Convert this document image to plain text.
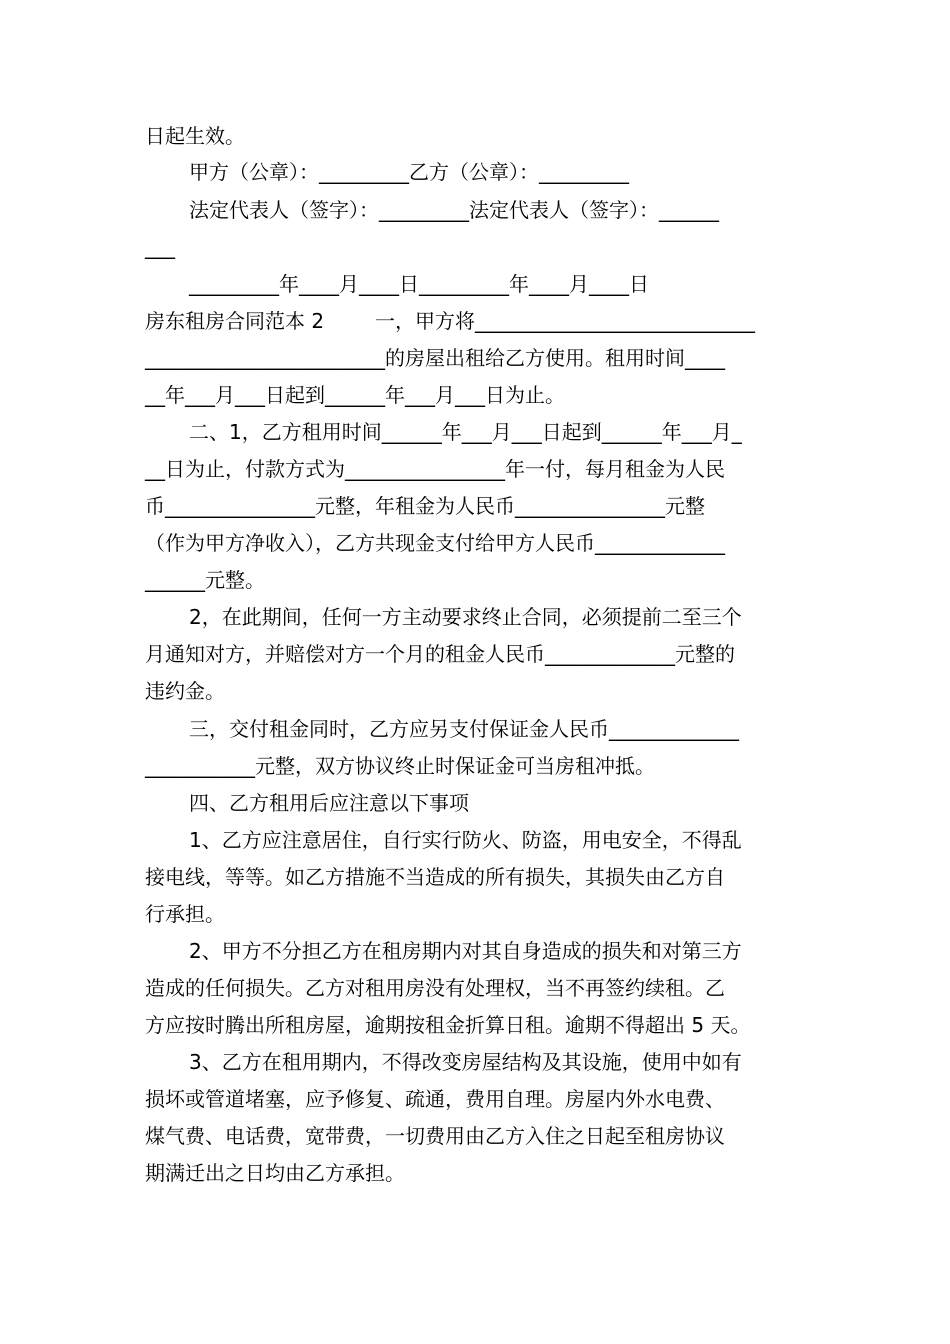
日起生效。
甲方（公章）：_________乙方（公章）：_________
法定代表人（签字）：_________法定代表人（签字）：______
___
_________年____月____日_________年____月____日
房东租房合同范本 2        一，甲方将____________________________
________________________的房屋出租给乙方使用。租用时间____
__年___月___日起到______年___月___日为止。
二、1，乙方租用时间______年___月___日起到______年___月_
__日为止，付款方式为________________年一付，每月租金为人民
币_______________元整，年租金为人民币_______________元整
（作为甲方净收入），乙方共现金支付给甲方人民币_____________
______元整。
2，在此期间，任何一方主动要求终止合同，必须提前二至三个
月通知对方，并赔偿对方一个月的租金人民币_____________元整的
违约金。
三，交付租金同时，乙方应另支付保证金人民币_____________
___________元整，双方协议终止时保证金可当房租冲抵。
四、乙方租用后应注意以下事项
1、乙方应注意居住，自行实行防火、防盗，用电安全，不得乱
接电线，等等。如乙方措施不当造成的所有损失，其损失由乙方自
行承担。
2、甲方不分担乙方在租房期内对其自身造成的损失和对第三方
造成的任何损失。乙方对租用房没有处理权，当不再签约续租。乙
方应按时腾出所租房屋，逾期按租金折算日租。逾期不得超出 5 天。
3、乙方在租用期内，不得改变房屋结构及其设施，使用中如有
损坏或管道堵塞，应予修复、疏通，费用自理。房屋内外水电费、
煤气费、电话费，宽带费，一切费用由乙方入住之日起至租房协议
期满迁出之日均由乙方承担。
